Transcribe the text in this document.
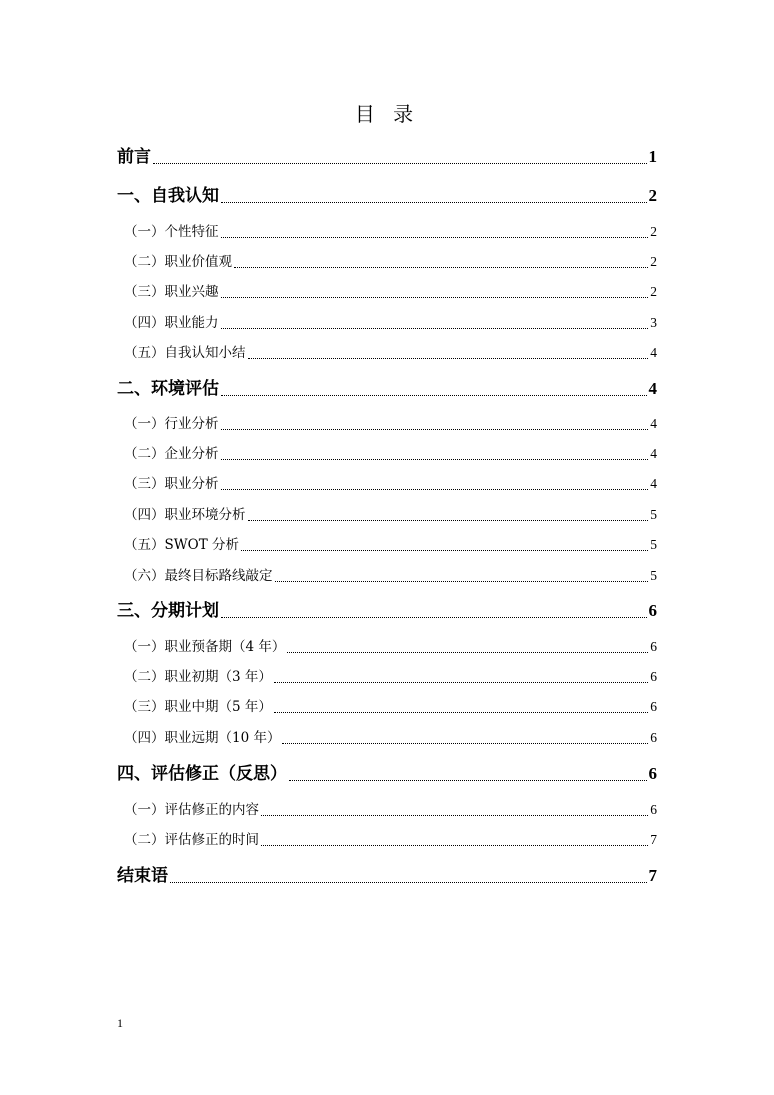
目 录
前言	1
一、自我认知	2
（一）个性特征	2
（二）职业价值观	2
（三）职业兴趣	2
（四）职业能力	3
（五）自我认知小结	4
二、环境评估	4
（一）行业分析	4
（二）企业分析	4
（三）职业分析	4
（四）职业环境分析	5
（五）SWOT 分析	5
（六）最终目标路线敲定	5
三、分期计划	6
（一）职业预备期（4 年）	6
（二）职业初期（3 年）	6
（三）职业中期（5 年）	6
（四）职业远期（10 年）	6
四、评估修正（反思）	6
（一）评估修正的内容	6
（二）评估修正的时间	7
结束语	7
1
